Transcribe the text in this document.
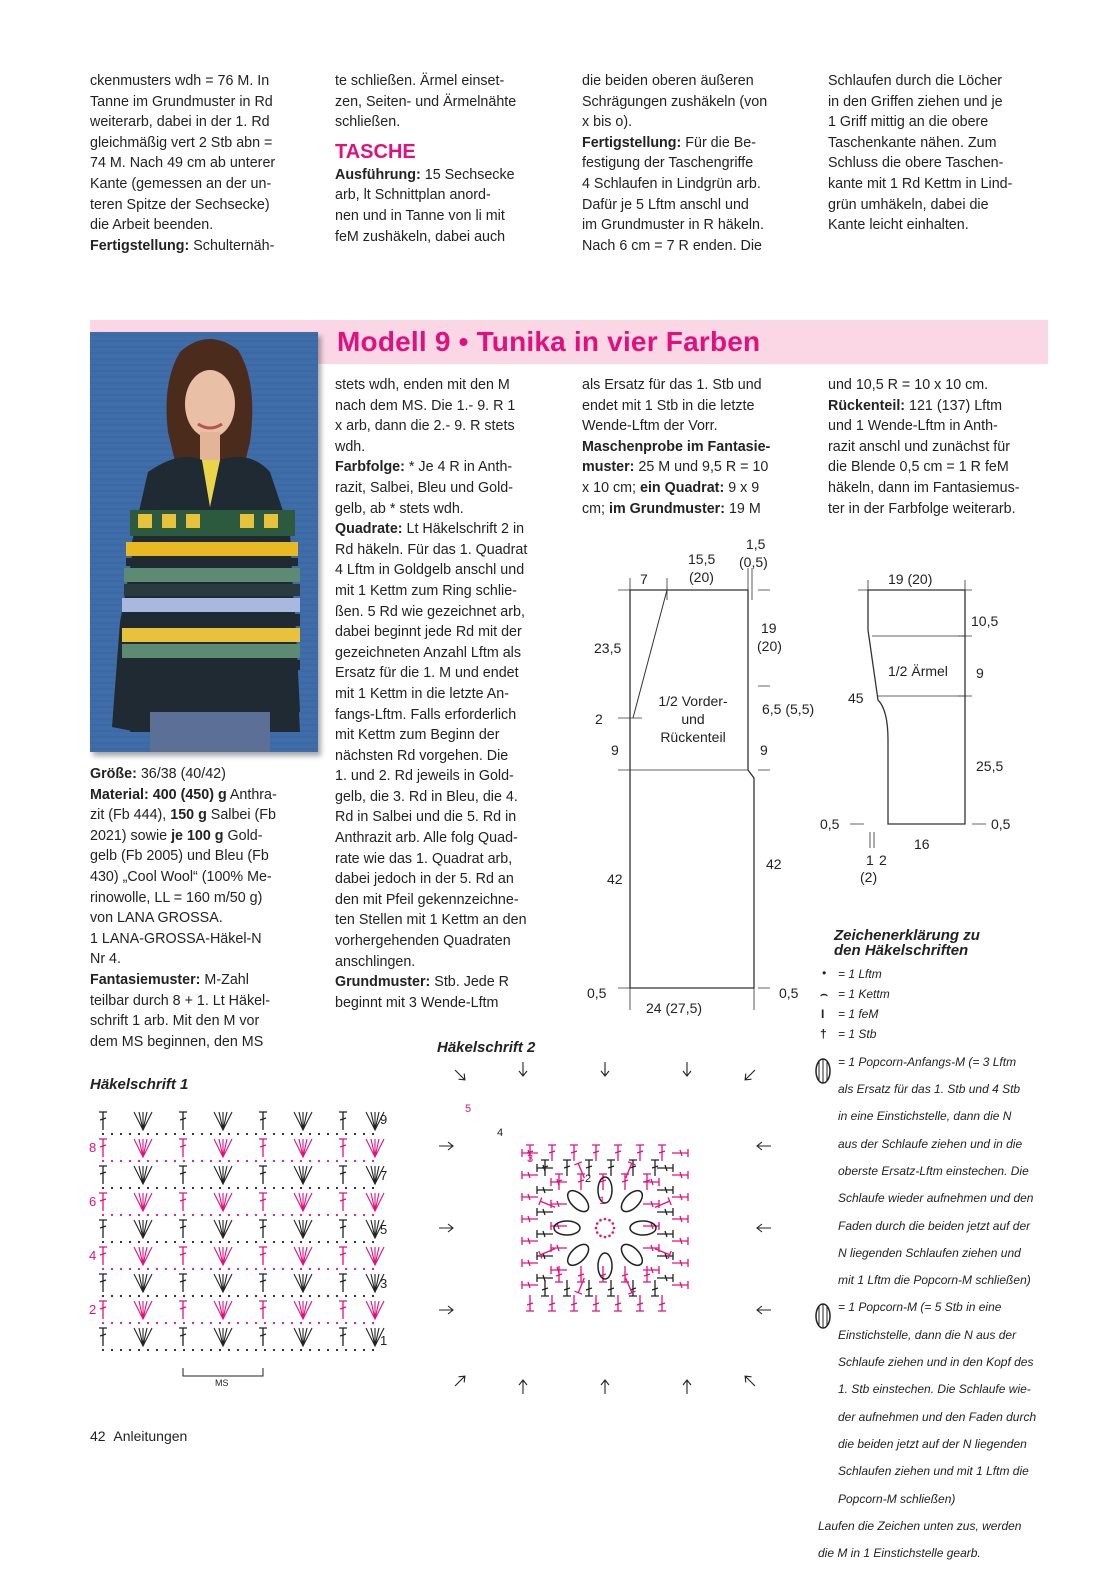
ckenmusters wdh = 76 M. In

Tanne im Grundmuster in Rd

weiterarb, dabei in der 1. Rd

gleichmäßig vert 2 Stb abn =

74 M. Nach 49 cm ab unterer

Kante (gemessen an der un-

teren Spitze der Sechsecke)

die Arbeit beenden.

Fertigstellung: Schulternäh-

te schließen. Ärmel einset-

zen, Seiten- und Ärmelnähte

schließen.

TASCHE

Ausführung: 15 Sechsecke

arb, lt Schnittplan anord-

nen und in Tanne von li mit

feM zushäkeln, dabei auch

die beiden oberen äußeren

Schrägungen zushäkeln (von

x bis o).

Fertigstellung: Für die Be-

festigung der Taschengriffe

4 Schlaufen in Lindgrün arb.

Dafür je 5 Lftm anschl und

im Grundmuster in R häkeln.

Nach 6 cm = 7 R enden. Die

Schlaufen durch die Löcher

in den Griffen ziehen und je

1 Griff mittig an die obere

Taschenkante nähen. Zum

Schluss die obere Taschen-

kante mit 1 Rd Kettm in Lind-

grün umhäkeln, dabei die

Kante leicht einhalten.

Modell 9 • Tunika in vier Farben

Größe: 36/38 (40/42)

Material: 400 (450) g Anthra-

zit (Fb 444), 150 g Salbei (Fb

2021) sowie je 100 g Gold-

gelb (Fb 2005) und Bleu (Fb

430) „Cool Wool“ (100% Me-

rinowolle, LL = 160 m/50 g)

von LANA GROSSA.

1 LANA-GROSSA-Häkel-N

Nr 4.

Fantasiemuster: M-Zahl

teilbar durch 8 + 1. Lt Häkel-

schrift 1 arb. Mit den M vor

dem MS beginnen, den MS

stets wdh, enden mit den M

nach dem MS. Die 1.- 9. R 1

x arb, dann die 2.- 9. R stets

wdh.

Farbfolge: * Je 4 R in Anth-

razit, Salbei, Bleu und Gold-

gelb, ab * stets wdh.

Quadrate: Lt Häkelschrift 2 in

Rd häkeln. Für das 1. Quadrat

4 Lftm in Goldgelb anschl und

mit 1 Kettm zum Ring schlie-

ßen. 5 Rd wie gezeichnet arb,

dabei beginnt jede Rd mit der

gezeichneten Anzahl Lftm als

Ersatz für die 1. M und endet

mit 1 Kettm in die letzte An-

fangs-Lftm. Falls erforderlich

mit Kettm zum Beginn der

nächsten Rd vorgehen. Die

1. und 2. Rd jeweils in Gold-

gelb, die 3. Rd in Bleu, die 4.

Rd in Salbei und die 5. Rd in

Anthrazit arb. Alle folg Quad-

rate wie das 1. Quadrat arb,

dabei jedoch in der 5. Rd an

den mit Pfeil gekennzeichne-

ten Stellen mit 1 Kettm an den

vorhergehenden Quadraten

anschlingen.

Grundmuster: Stb. Jede R

beginnt mit 3 Wende-Lftm

als Ersatz für das 1. Stb und

endet mit 1 Stb in die letzte

Wende-Lftm der Vorr.

Maschenprobe im Fantasie-

muster: 25 M und 9,5 R = 10

x 10 cm; ein Quadrat: 9 x 9

cm; im Grundmuster: 19 M

und 10,5 R = 10 x 10 cm.

Rückenteil: 121 (137) Lftm

und 1 Wende-Lftm in Anth-

razit anschl und zunächst für

die Blende 0,5 cm = 1 R feM

häkeln, dann im Fantasiemus-

ter in der Farbfolge weiterarb.

7
15,5
(20)
1,5
(0,5)
23,5
19
(20)
2
6,5 (5,5)
9	9
42
42
0,5	0,5
24 (27,5)
1/2 Vorder-
und
Rückenteil
19 (20)
10,5
1/2 Ärmel 9
45
25,5
0,5	0,5
16
1 2
(2)
Zeichenerklärung zu
den Häkelschriften
• = 1 Lftm
⌢ = 1 Kettm
I = 1 feM
† = 1 Stb

= 1 Popcorn-Anfangs-M (= 3 Lftm

als Ersatz für das 1. Stb und 4 Stb

in eine Einstichstelle, dann die N

aus der Schlaufe ziehen und in die

oberste Ersatz-Lftm einstechen. Die

Schlaufe wieder aufnehmen und den

Faden durch die beiden jetzt auf der

N liegenden Schlaufen ziehen und

mit 1 Lftm die Popcorn-M schließen)

= 1 Popcorn-M (= 5 Stb in eine

Einstichstelle, dann die N aus der

Schlaufe ziehen und in den Kopf des

1. Stb einstechen. Die Schlaufe wie-

der aufnehmen und den Faden durch

die beiden jetzt auf der N liegenden

Schlaufen ziehen und mit 1 Lftm die

Popcorn-M schließen)

Laufen die Zeichen unten zus, werden

die M in 1 Einstichstelle gearb.

Häkelschrift 1
9
7
5
3
1
8
6
4
2
MS
Häkelschrift 2
1
2
3
4
5
42 Anleitungen
